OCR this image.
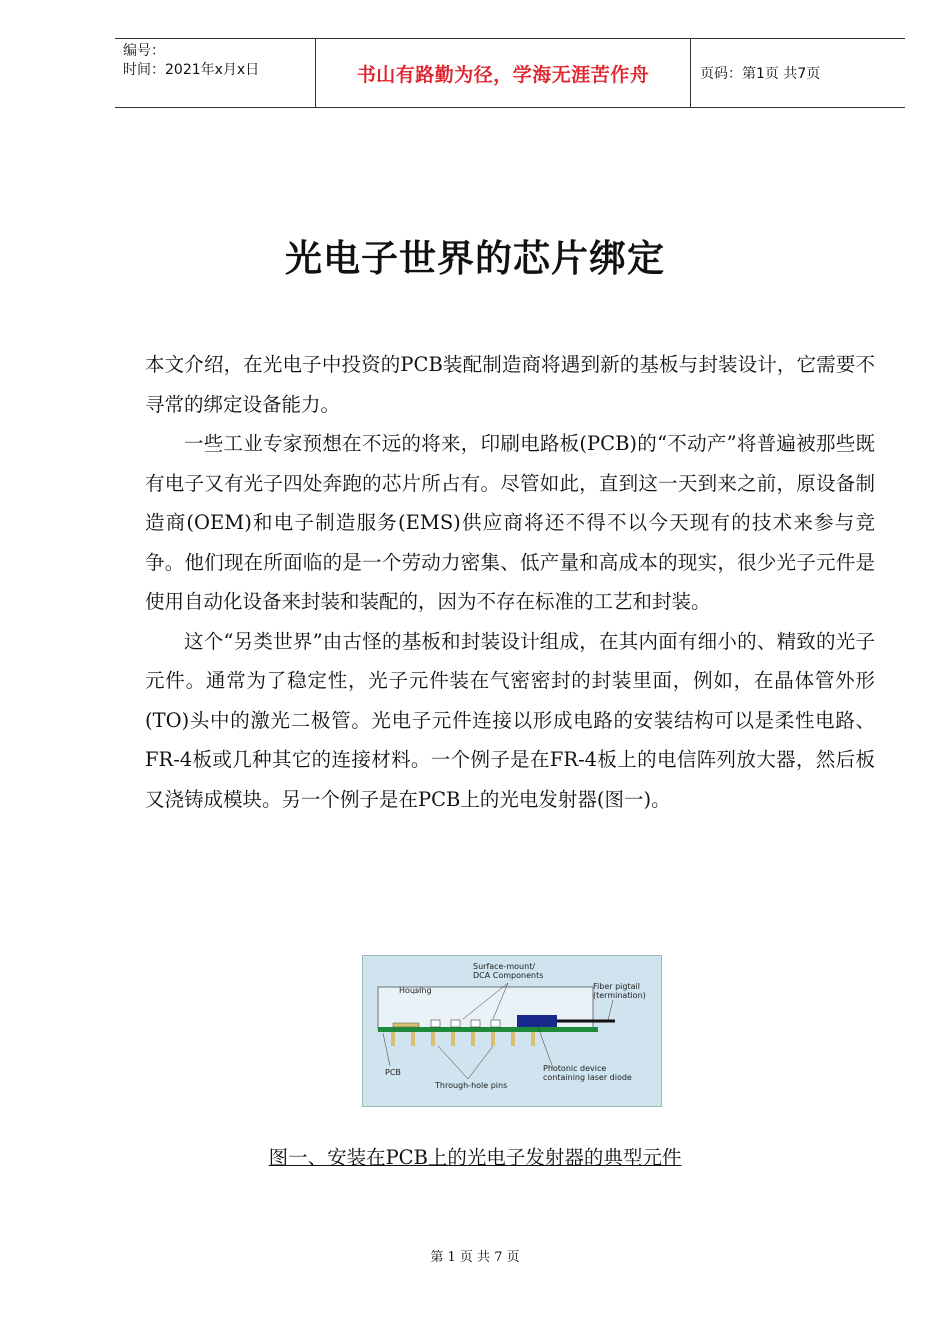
编号：
时间：2021年x月x日	书山有路勤为径，学海无涯苦作舟	页码：第1页 共7页
光电子世界的芯片绑定

本文介绍，在光电子中投资的PCB装配制造商将遇到新的基板与封装设计，它需要不寻常的绑定设备能力。

一些工业专家预想在不远的将来，印刷电路板(PCB)的“不动产”将普遍被那些既有电子又有光子四处奔跑的芯片所占有。尽管如此，直到这一天到来之前，原设备制造商(OEM)和电子制造服务(EMS)供应商将还不得不以今天现有的技术来参与竞争。他们现在所面临的是一个劳动力密集、低产量和高成本的现实，很少光子元件是使用自动化设备来封装和装配的，因为不存在标准的工艺和封装。

这个“另类世界”由古怪的基板和封装设计组成，在其内面有细小的、精致的光子元件。通常为了稳定性，光子元件装在气密密封的封装里面，例如，在晶体管外形(TO)头中的激光二极管。光电子元件连接以形成电路的安装结构可以是柔性电路、FR-4板或几种其它的连接材料。一个例子是在FR-4板上的电信阵列放大器，然后板又浇铸成模块。另一个例子是在PCB上的光电发射器(图一)。

Housing
Surface-mount/
DCA Components
Fiber pigtail
(termination)
PCB
Through-hole pins
Photonic device
containing laser diode
图一、安装在PCB上的光电子发射器的典型元件
第 1 页 共 7 页
